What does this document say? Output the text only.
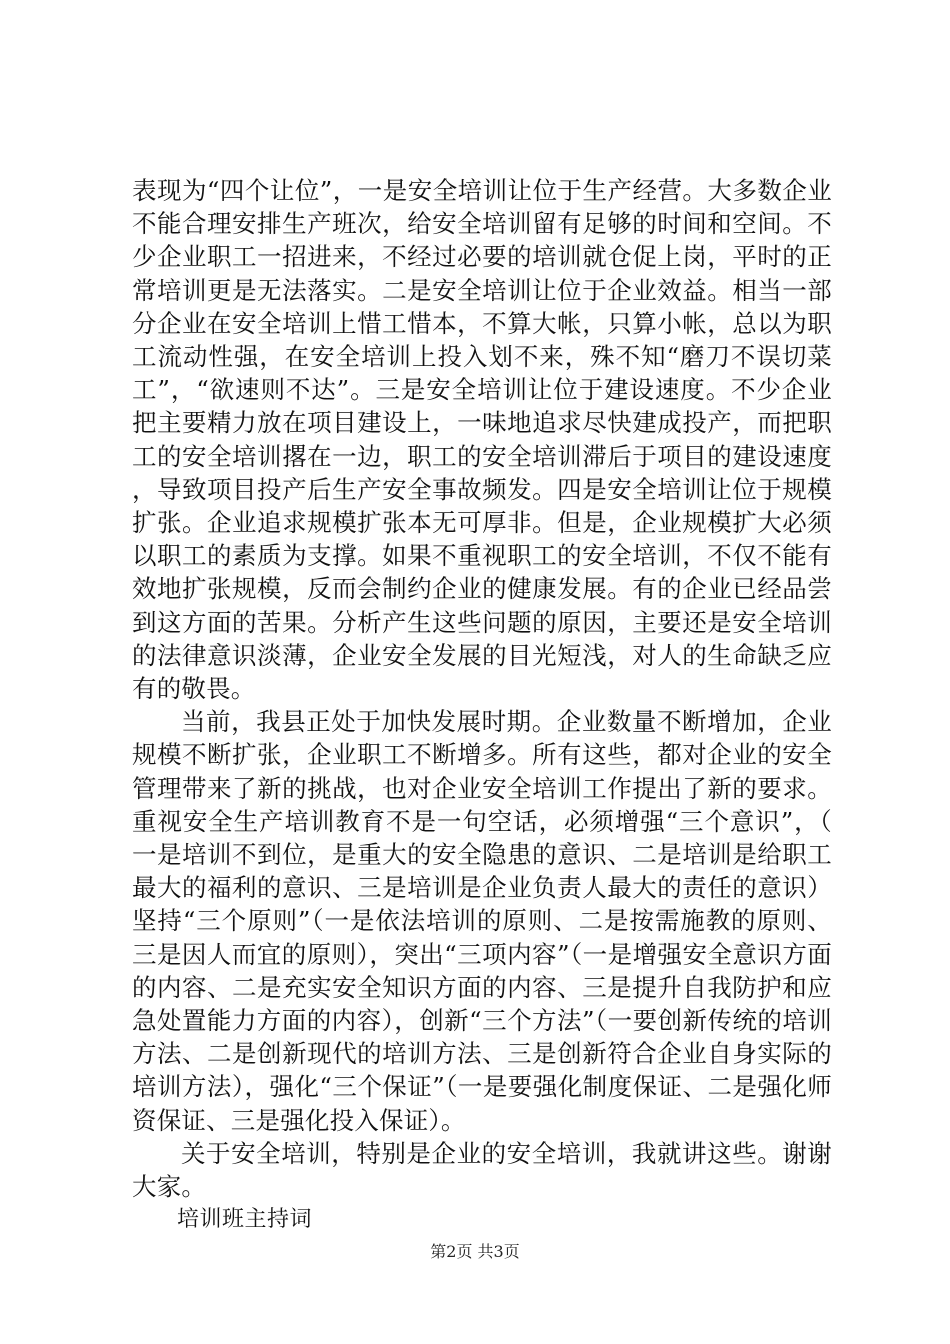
表现为“四个让位”，一是安全培训让位于生产经营。大多数企业不能合理安排生产班次，给安全培训留有足够的时间和空间。不少企业职工一招进来，不经过必要的培训就仓促上岗，平时的正常培训更是无法落实。二是安全培训让位于企业效益。相当一部分企业在安全培训上惜工惜本，不算大帐，只算小帐，总以为职工流动性强，在安全培训上投入划不来，殊不知“磨刀不误切菜工”，“欲速则不达”。三是安全培训让位于建设速度。不少企业把主要精力放在项目建设上，一味地追求尽快建成投产，而把职工的安全培训撂在一边，职工的安全培训滞后于项目的建设速度，导致项目投产后生产安全事故频发。四是安全培训让位于规模扩张。企业追求规模扩张本无可厚非。但是，企业规模扩大必须以职工的素质为支撑。如果不重视职工的安全培训，不仅不能有效地扩张规模，反而会制约企业的健康发展。有的企业已经品尝到这方面的苦果。分析产生这些问题的原因，主要还是安全培训的法律意识淡薄，企业安全发展的目光短浅，对人的生命缺乏应有的敬畏。

当前，我县正处于加快发展时期。企业数量不断增加，企业规模不断扩张，企业职工不断增多。所有这些，都对企业的安全管理带来了新的挑战，也对企业安全培训工作提出了新的要求。重视安全生产培训教育不是一句空话，必须增强“三个意识”，（一是培训不到位，是重大的安全隐患的意识、二是培训是给职工最大的福利的意识、三是培训是企业负责人最大的责任的意识）坚持“三个原则”（一是依法培训的原则、二是按需施教的原则、三是因人而宜的原则），突出“三项内容”（一是增强安全意识方面的内容、二是充实安全知识方面的内容、三是提升自我防护和应急处置能力方面的内容），创新“三个方法”（一要创新传统的培训方法、二是创新现代的培训方法、三是创新符合企业自身实际的培训方法），强化“三个保证”（一是要强化制度保证、二是强化师资保证、三是强化投入保证）。

关于安全培训，特别是企业的安全培训，我就讲这些。谢谢大家。

培训班主持词

第2页 共3页
